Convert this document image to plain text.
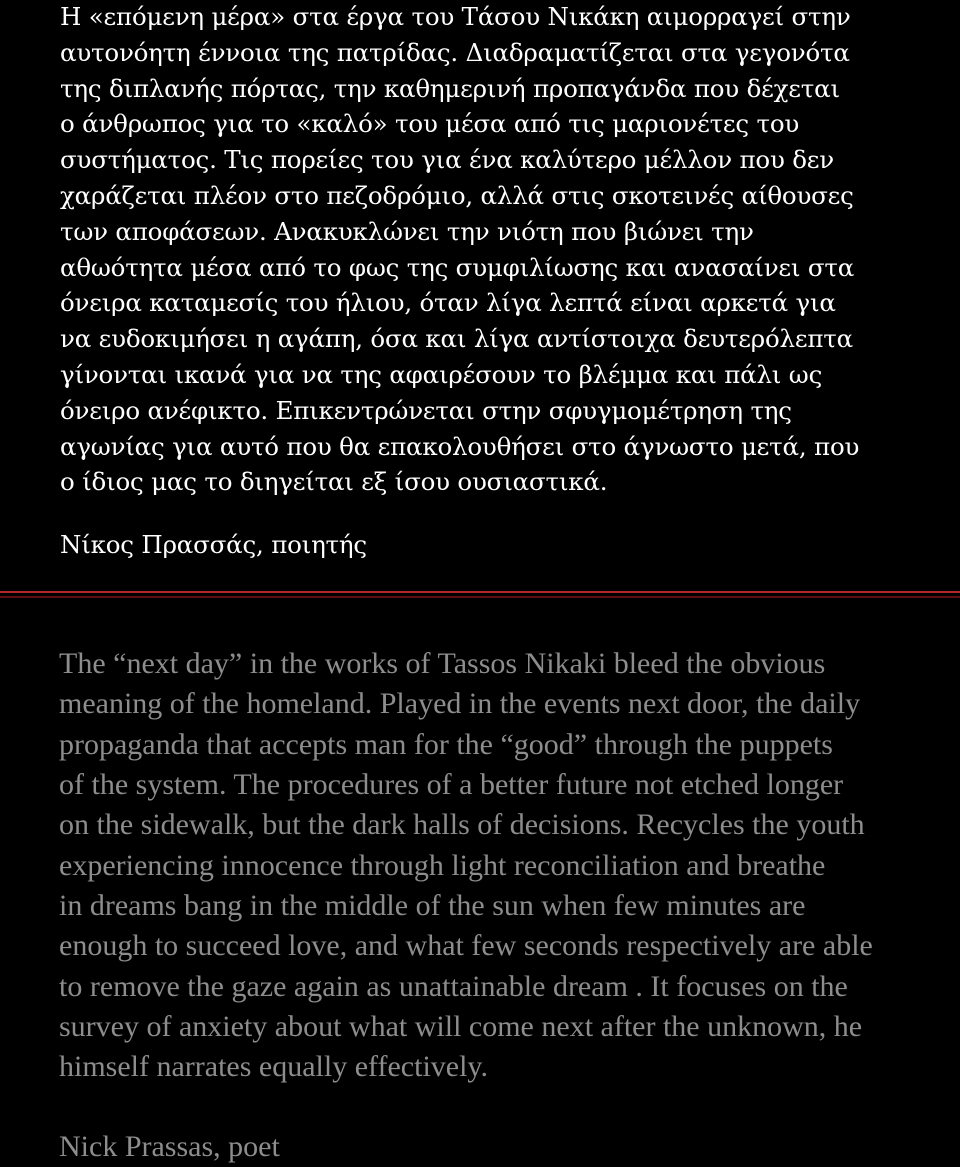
Η «επόμενη μέρα» στα έργα του Τάσου Νικάκη αιμορραγεί στην
αυτονόητη έννοια της πατρίδας. Διαδραματίζεται στα γεγονότα
της διπλανής πόρτας, την καθημερινή προπαγάνδα που δέχεται
ο άνθρωπος για το «καλό» του μέσα από τις μαριονέτες του
συστήματος. Τις πορείες του για ένα καλύτερο μέλλον που δεν
χαράζεται πλέον στο πεζοδρόμιο, αλλά στις σκοτεινές αίθουσες
των αποφάσεων. Ανακυκλώνει την νιότη που βιώνει την
αθωότητα μέσα από το φως της συμφιλίωσης και ανασαίνει στα
όνειρα καταμεσίς του ήλιου, όταν λίγα λεπτά είναι αρκετά για
να ευδοκιμήσει η αγάπη, όσα και λίγα αντίστοιχα δευτερόλεπτα
γίνονται ικανά για να της αφαιρέσουν το βλέμμα και πάλι ως
όνειρο ανέφικτο. Επικεντρώνεται στην σφυγμομέτρηση της
αγωνίας για αυτό που θα επακολουθήσει στο άγνωστο μετά, που
ο ίδιος μας το διηγείται εξ ίσου ουσιαστικά.

Νίκος Πρασσάς, ποιητής

The “next day” in the works of Tassos Nikaki bleed the obvious
meaning of the homeland. Played in the events next door, the daily
propaganda that accepts man for the “good” through the puppets
of the system. The procedures of a better future not etched longer
on the sidewalk, but the dark halls of decisions. Recycles the youth
experiencing innocence through light reconciliation and breathe
in dreams bang in the middle of the sun when few minutes are
enough to succeed love, and what few seconds respectively are able
to remove the gaze again as unattainable dream . It focuses on the
survey of anxiety about what will come next after the unknown, he
himself narrates equally effectively.

Nick Prassas, poet
